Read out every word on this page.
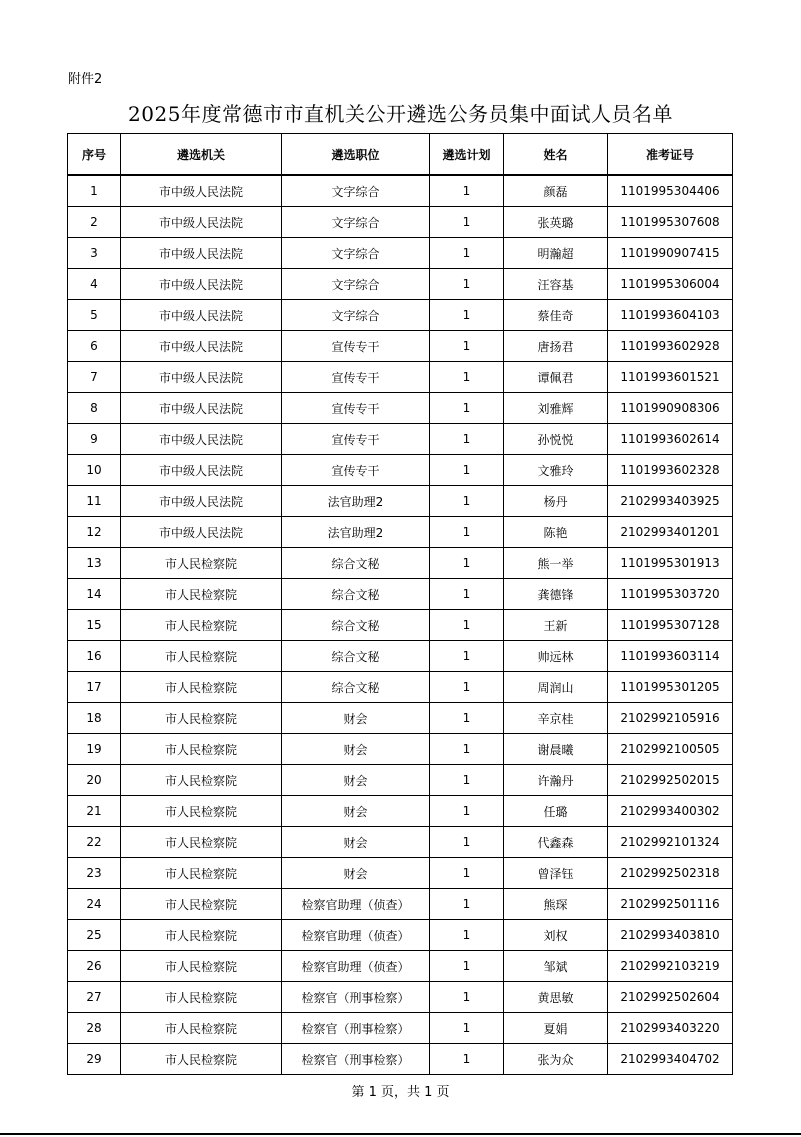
附件2
2025年度常德市市直机关公开遴选公务员集中面试人员名单
序号	遴选机关	遴选职位	遴选计划	姓名	准考证号
1	市中级人民法院	文字综合	1	颜磊	1101995304406
2	市中级人民法院	文字综合	1	张英璐	1101995307608
3	市中级人民法院	文字综合	1	明瀚超	1101990907415
4	市中级人民法院	文字综合	1	汪容基	1101995306004
5	市中级人民法院	文字综合	1	蔡佳奇	1101993604103
6	市中级人民法院	宣传专干	1	唐扬君	1101993602928
7	市中级人民法院	宣传专干	1	谭佩君	1101993601521
8	市中级人民法院	宣传专干	1	刘雅辉	1101990908306
9	市中级人民法院	宣传专干	1	孙悦悦	1101993602614
10	市中级人民法院	宣传专干	1	文雅玲	1101993602328
11	市中级人民法院	法官助理2	1	杨丹	2102993403925
12	市中级人民法院	法官助理2	1	陈艳	2102993401201
13	市人民检察院	综合文秘	1	熊一举	1101995301913
14	市人民检察院	综合文秘	1	龚德锋	1101995303720
15	市人民检察院	综合文秘	1	王新	1101995307128
16	市人民检察院	综合文秘	1	帅远林	1101993603114
17	市人民检察院	综合文秘	1	周润山	1101995301205
18	市人民检察院	财会	1	辛京桂	2102992105916
19	市人民检察院	财会	1	谢晨曦	2102992100505
20	市人民检察院	财会	1	许瀚丹	2102992502015
21	市人民检察院	财会	1	任璐	2102993400302
22	市人民检察院	财会	1	代鑫森	2102992101324
23	市人民检察院	财会	1	曾泽钰	2102992502318
24	市人民检察院	检察官助理（侦查）	1	熊琛	2102992501116
25	市人民检察院	检察官助理（侦查）	1	刘权	2102993403810
26	市人民检察院	检察官助理（侦查）	1	邹斌	2102992103219
27	市人民检察院	检察官（刑事检察）	1	黄思敏	2102992502604
28	市人民检察院	检察官（刑事检察）	1	夏娟	2102993403220
29	市人民检察院	检察官（刑事检察）	1	张为众	2102993404702
第 1 页，共 1 页
